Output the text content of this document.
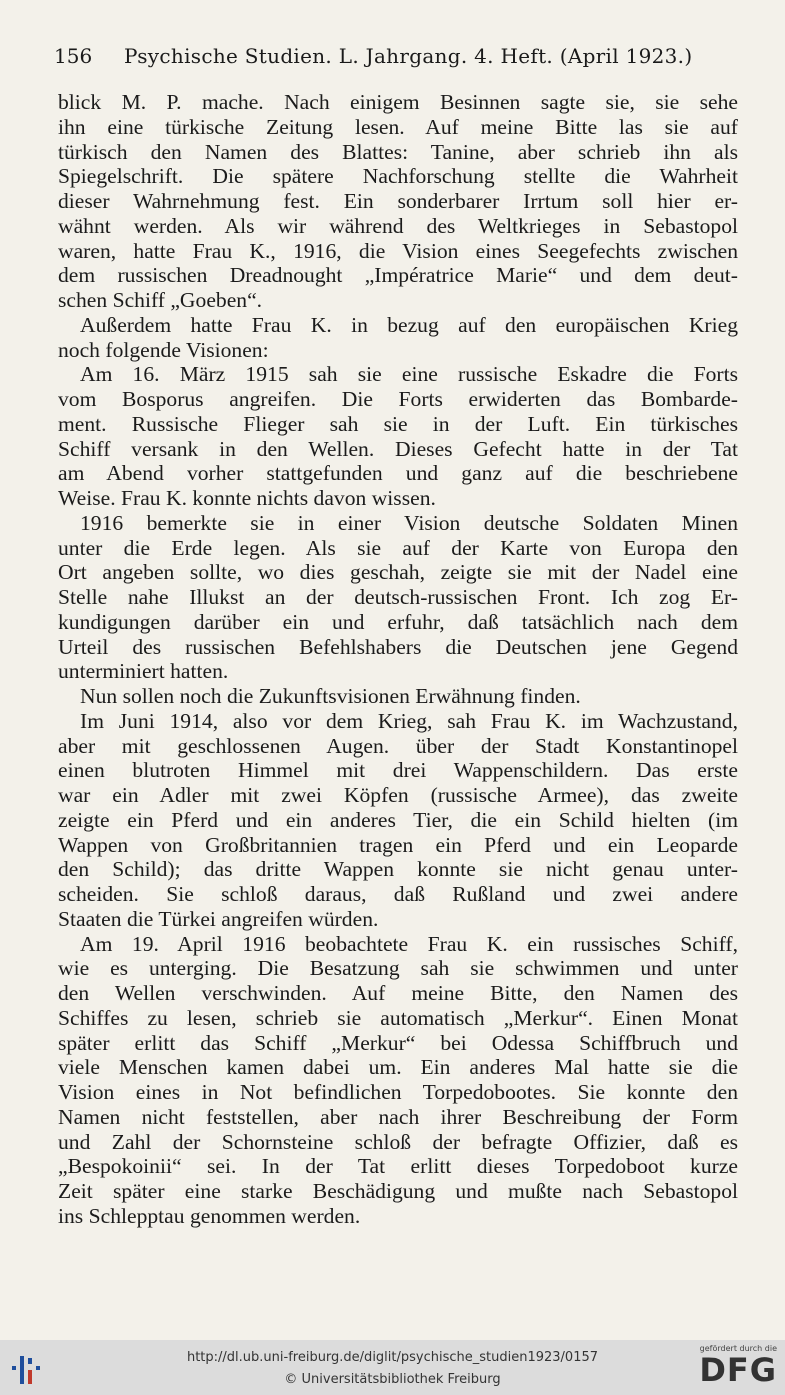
156 Psychische Studien. L. Jahrgang. 4. Heft. (April 1923.)
blick M. P. mache. Nach einigem Besinnen sagte sie, sie sehe
ihn eine türkische Zeitung lesen. Auf meine Bitte las sie auf
türkisch den Namen des Blattes: Tanine, aber schrieb ihn als
Spiegelschrift. Die spätere Nachforschung stellte die Wahrheit
dieser Wahrnehmung fest. Ein sonderbarer Irrtum soll hier er-
wähnt werden. Als wir während des Weltkrieges in Sebastopol
waren, hatte Frau K., 1916, die Vision eines Seegefechts zwischen
dem russischen Dreadnought „Impératrice Marie“ und dem deut-
schen Schiff „Goeben“.
Außerdem hatte Frau K. in bezug auf den europäischen Krieg
noch folgende Visionen:
Am 16. März 1915 sah sie eine russische Eskadre die Forts
vom Bosporus angreifen. Die Forts erwiderten das Bombarde-
ment. Russische Flieger sah sie in der Luft. Ein türkisches
Schiff versank in den Wellen. Dieses Gefecht hatte in der Tat
am Abend vorher stattgefunden und ganz auf die beschriebene
Weise. Frau K. konnte nichts davon wissen.
1916 bemerkte sie in einer Vision deutsche Soldaten Minen
unter die Erde legen. Als sie auf der Karte von Europa den
Ort angeben sollte, wo dies geschah, zeigte sie mit der Nadel eine
Stelle nahe Illukst an der deutsch-russischen Front. Ich zog Er-
kundigungen darüber ein und erfuhr, daß tatsächlich nach dem
Urteil des russischen Befehlshabers die Deutschen jene Gegend
unterminiert hatten.
Nun sollen noch die Zukunftsvisionen Erwähnung finden.
Im Juni 1914, also vor dem Krieg, sah Frau K. im Wachzustand,
aber mit geschlossenen Augen. über der Stadt Konstantinopel
einen blutroten Himmel mit drei Wappenschildern. Das erste
war ein Adler mit zwei Köpfen (russische Armee), das zweite
zeigte ein Pferd und ein anderes Tier, die ein Schild hielten (im
Wappen von Großbritannien tragen ein Pferd und ein Leoparde
den Schild); das dritte Wappen konnte sie nicht genau unter-
scheiden. Sie schloß daraus, daß Rußland und zwei andere
Staaten die Türkei angreifen würden.
Am 19. April 1916 beobachtete Frau K. ein russisches Schiff,
wie es unterging. Die Besatzung sah sie schwimmen und unter
den Wellen verschwinden. Auf meine Bitte, den Namen des
Schiffes zu lesen, schrieb sie automatisch „Merkur“. Einen Monat
später erlitt das Schiff „Merkur“ bei Odessa Schiffbruch und
viele Menschen kamen dabei um. Ein anderes Mal hatte sie die
Vision eines in Not befindlichen Torpedobootes. Sie konnte den
Namen nicht feststellen, aber nach ihrer Beschreibung der Form
und Zahl der Schornsteine schloß der befragte Offizier, daß es
„Bespokoinii“ sei. In der Tat erlitt dieses Torpedoboot kurze
Zeit später eine starke Beschädigung und mußte nach Sebastopol
ins Schlepptau genommen werden.
http://dl.ub.uni-freiburg.de/diglit/psychische_studien1923/0157
© Universitätsbibliothek Freiburg
gefördert durch die
DFG
